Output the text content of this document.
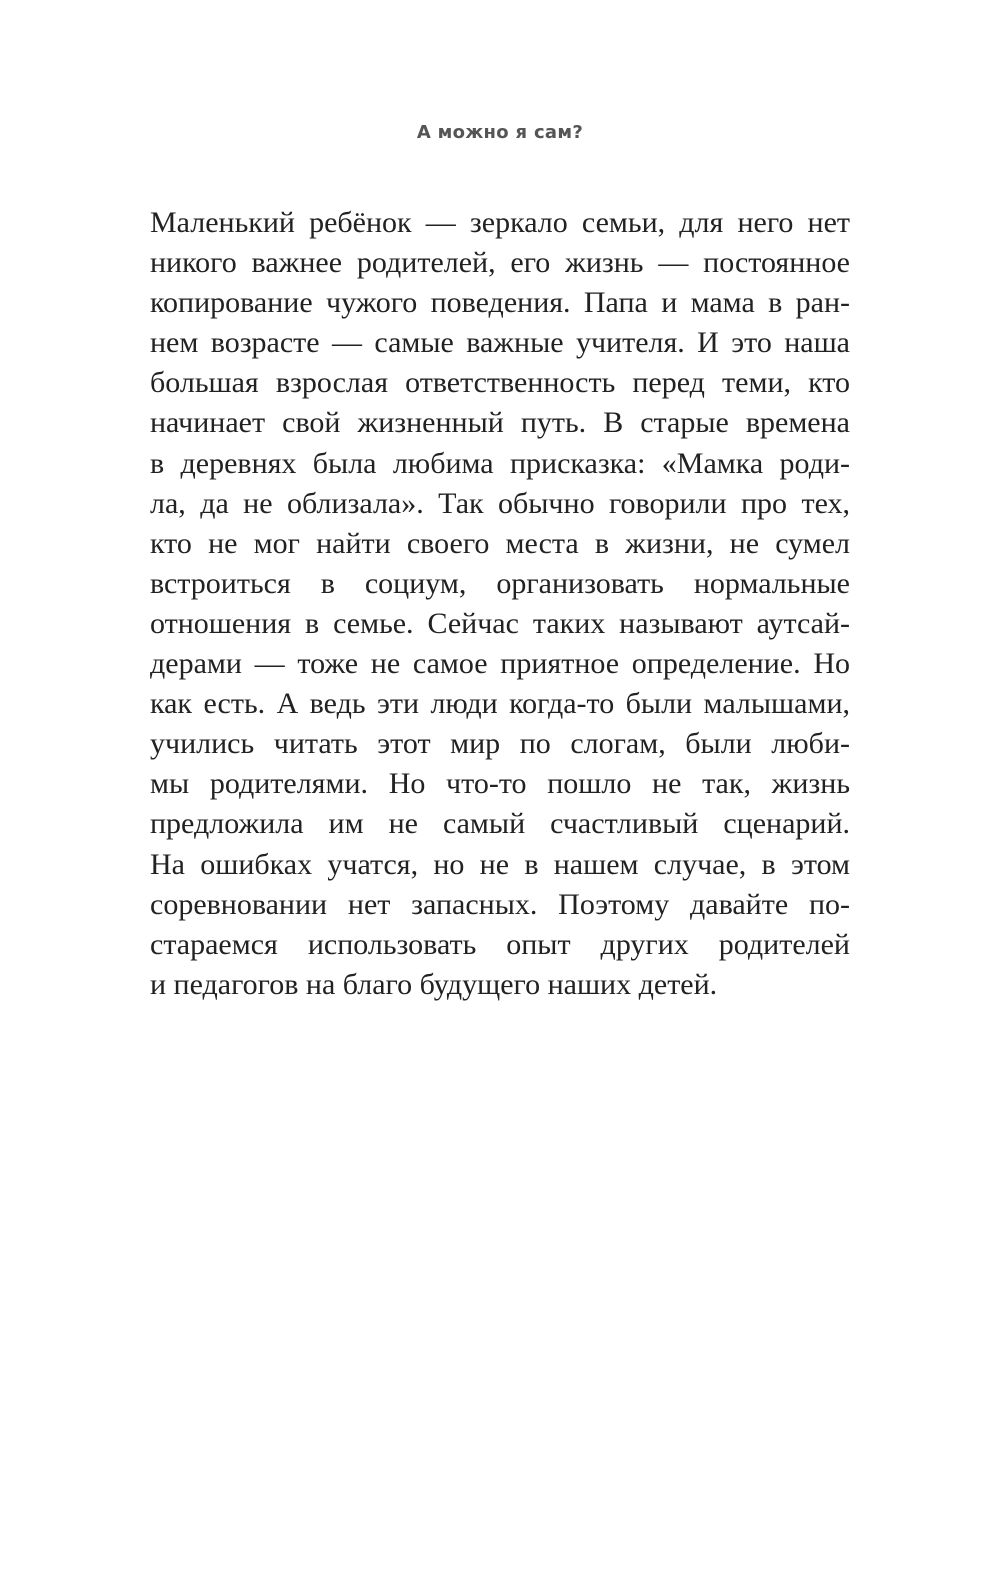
А можно я сам?
Маленький ребёнок — зеркало семьи, для него нет
никого важнее родителей, его жизнь — постоянное
копирование чужого поведения. Папа и мама в ран-
нем возрасте — самые важные учителя. И это наша
большая взрослая ответственность перед теми, кто
начинает свой жизненный путь. В старые времена
в деревнях была любима присказка: «Мамка роди-
ла, да не облизала». Так обычно говорили про тех,
кто не мог найти своего места в жизни, не сумел
встроиться в социум, организовать нормальные
отношения в семье. Сейчас таких называют аутсай-
дерами — тоже не самое приятное определение. Но
как есть. А ведь эти люди когда-то были малышами,
учились читать этот мир по слогам, были люби-
мы родителями. Но что-то пошло не так, жизнь
предложила им не самый счастливый сценарий.
На ошибках учатся, но не в нашем случае, в этом
соревновании нет запасных. Поэтому давайте по-
стараемся использовать опыт других родителей
и педагогов на благо будущего наших детей.
